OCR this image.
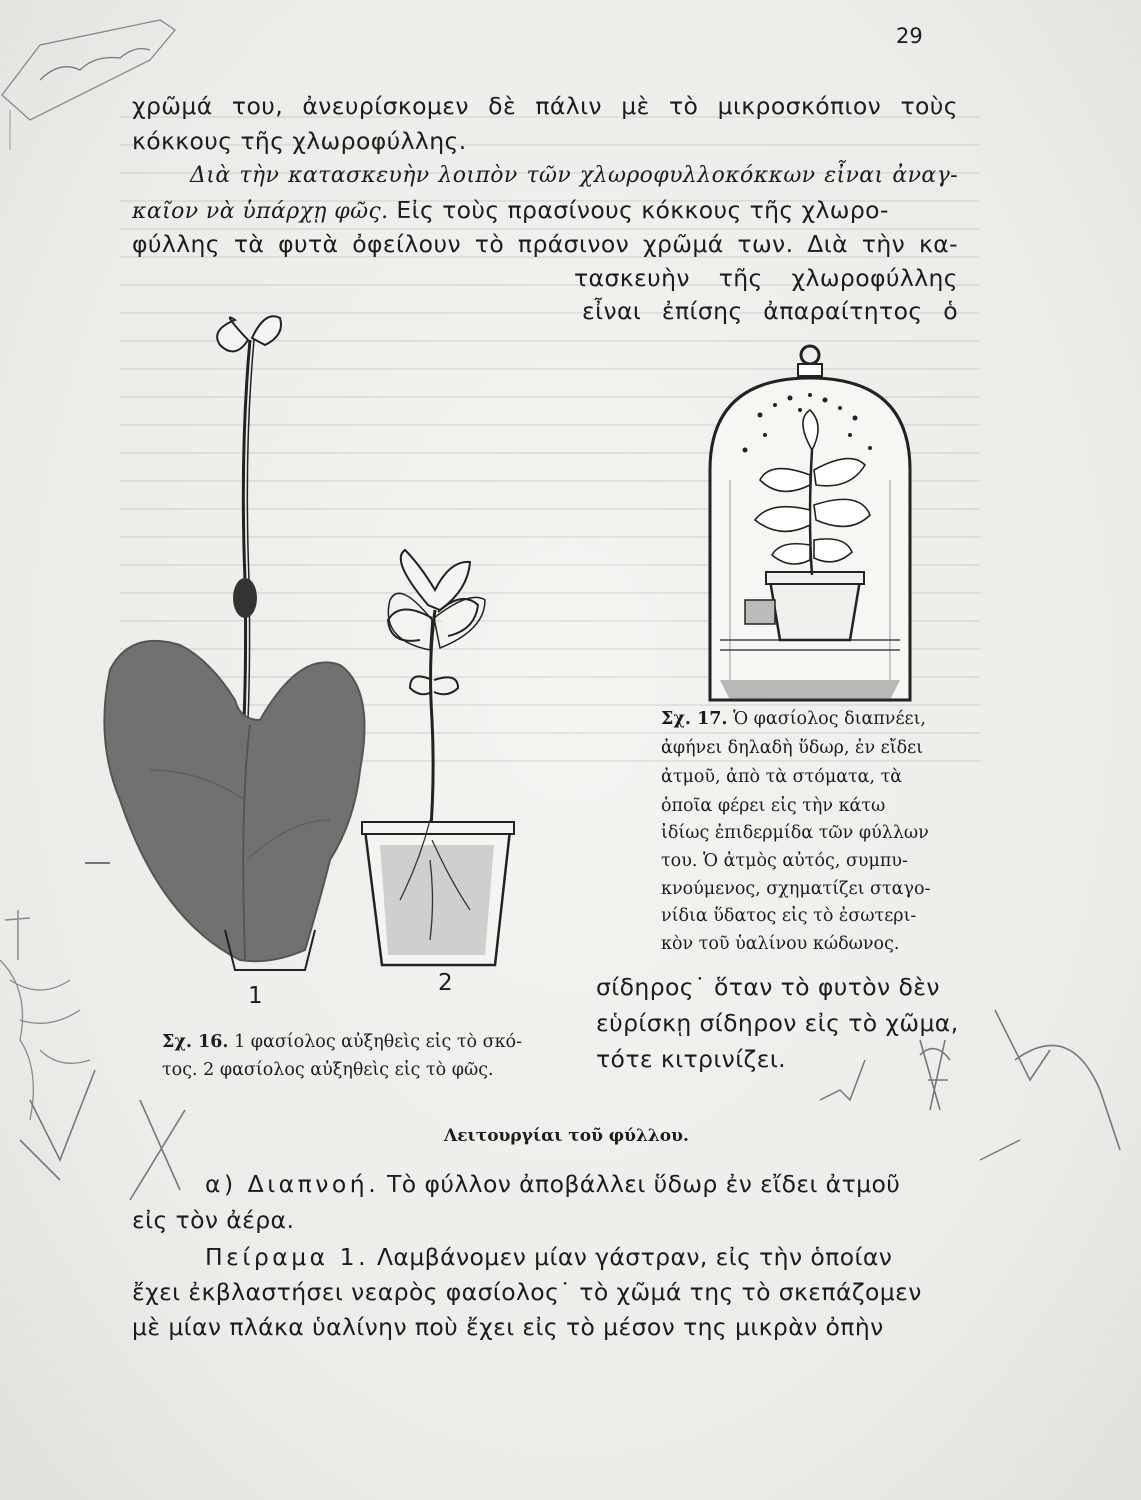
29
χρῶμά του, ἀνευρίσκομεν δὲ πάλιν μὲ τὸ μικροσκόπιον τοὺς
κόκκους τῆς χλωροφύλλης.
Διὰ τὴν κατασκευὴν λοιπὸν τῶν χλωροφυλλοκόκκων εἶναι ἀναγ-
καῖον νὰ ὑπάρχῃ φῶς. Εἰς τοὺς πρασίνους κόκκους τῆς χλωρο-
φύλλης τὰ φυτὰ ὀφείλουν τὸ πράσινον χρῶμά των. Διὰ τὴν κα-
τασκευὴν τῆς χλωροφύλλης
εἶναι ἐπίσης ἀπαραίτητος ὁ
1	2
Σχ. 17. Ὁ φασίολος διαπνέει,
ἀφήνει δηλαδὴ ὕδωρ, ἐν εἴδει
ἀτμοῦ, ἀπὸ τὰ στόματα, τὰ
ὁποῖα φέρει εἰς τὴν κάτω
ἰδίως ἐπιδερμίδα τῶν φύλλων
του. Ὁ ἀτμὸς αὐτός, συμπυ-
κνούμενος, σχηματίζει σταγο-
νίδια ὕδατος εἰς τὸ ἐσωτερι-
κὸν τοῦ ὑαλίνου κώδωνος.
σίδηρος˙ ὅταν τὸ φυτὸν δὲν
εὑρίσκῃ σίδηρον εἰς τὸ χῶμα,
τότε κιτρινίζει.
Σχ. 16. 1 φασίολος αὐξηθεὶς εἰς τὸ σκό-
τος. 2 φασίολος αὐξηθεὶς εἰς τὸ φῶς.
Λειτουργίαι τοῦ φύλλου.
α) Διαπνοή. Τὸ φύλλον ἀποβάλλει ὕδωρ ἐν εἴδει ἀτμοῦ
εἰς τὸν ἀέρα.
Πείραμα 1. Λαμβάνομεν μίαν γάστραν, εἰς τὴν ὁποίαν
ἔχει ἐκβλαστήσει νεαρὸς φασίολος˙ τὸ χῶμά της τὸ σκεπάζομεν
μὲ μίαν πλάκα ὑαλίνην ποὺ ἔχει εἰς τὸ μέσον της μικρὰν ὀπὴν
